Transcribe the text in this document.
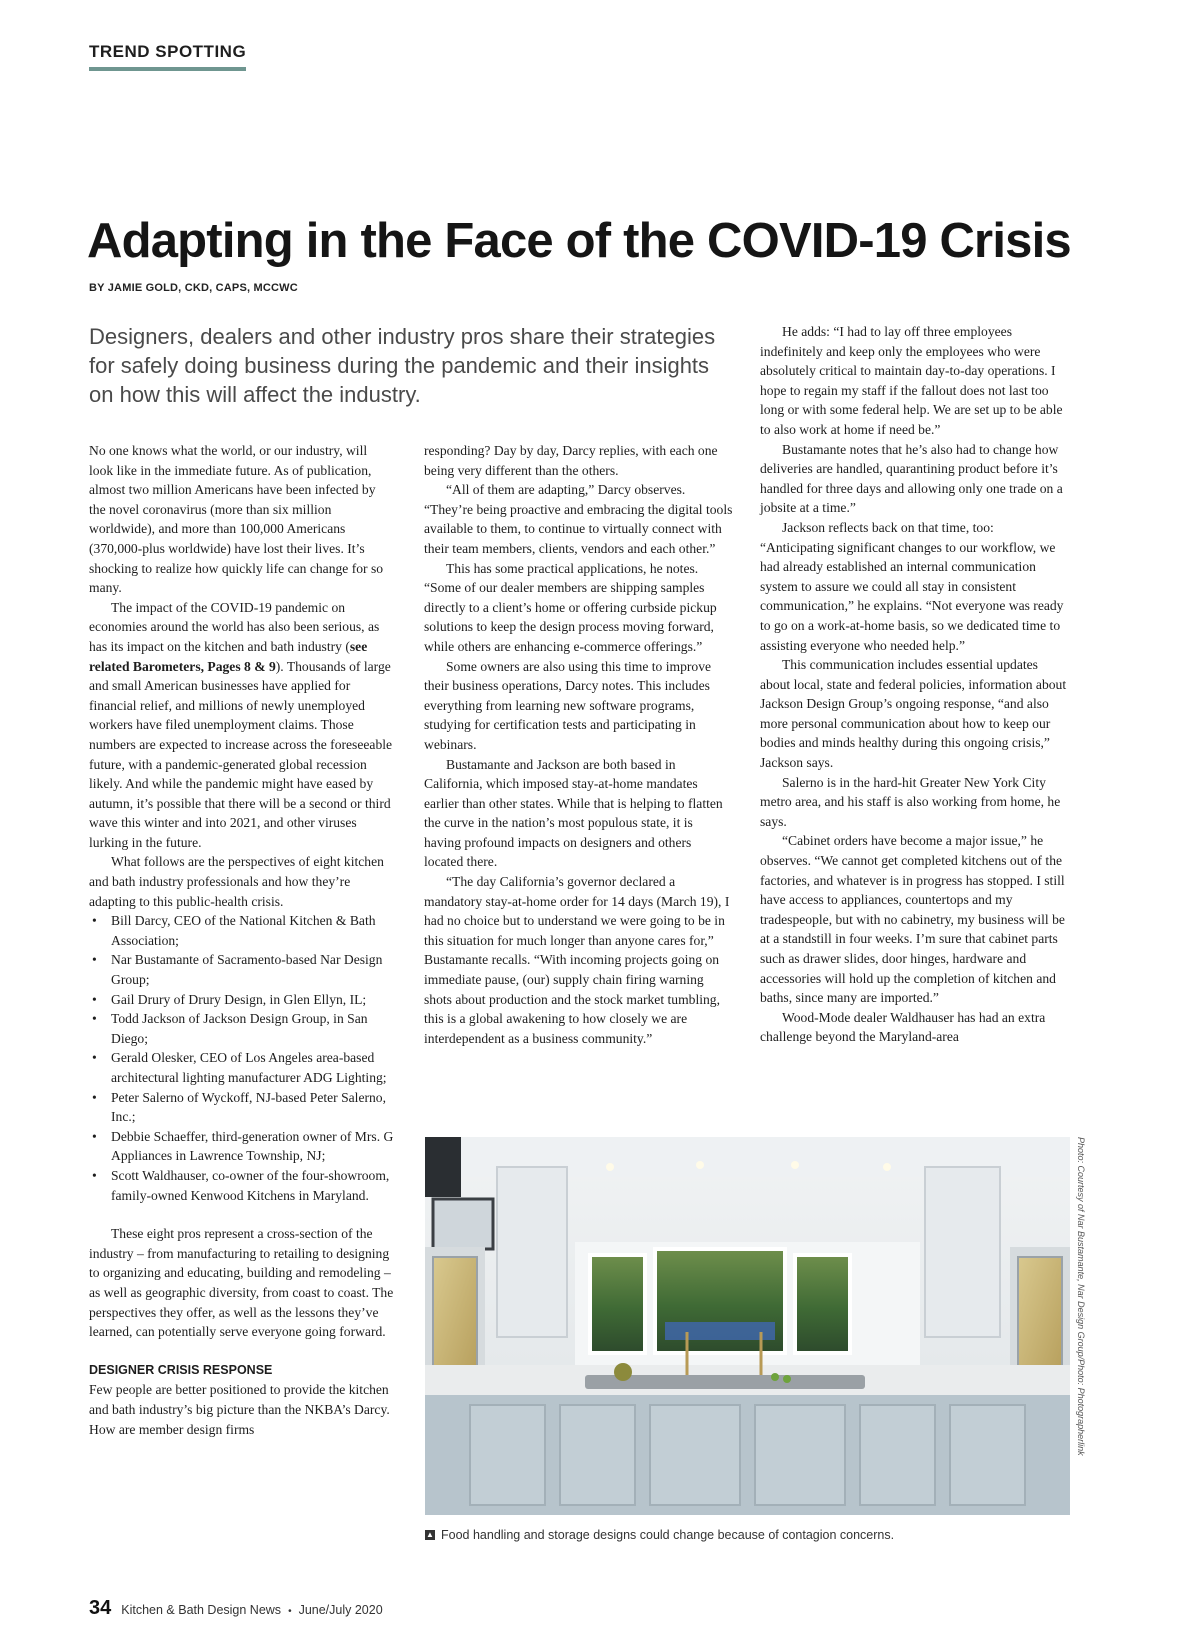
TREND SPOTTING
Adapting in the Face of the COVID-19 Crisis
BY JAMIE GOLD, CKD, CAPS, MCCWC
Designers, dealers and other industry pros share their strategies for safely doing business during the pandemic and their insights on how this will affect the industry.

No one knows what the world, or our industry, will look like in the immediate future. As of publication, almost two million Americans have been infected by the novel coronavirus (more than six million worldwide), and more than 100,000 Americans (370,000-plus worldwide) have lost their lives. It’s shocking to realize how quickly life can change for so many.

The impact of the COVID-19 pandemic on economies around the world has also been serious, as has its impact on the kitchen and bath industry (see related Barometers, Pages 8 & 9). Thousands of large and small American businesses have applied for financial relief, and millions of newly unemployed workers have filed unemployment claims. Those numbers are expected to increase across the foreseeable future, with a pandemic-generated global recession likely. And while the pandemic might have eased by autumn, it’s possible that there will be a second or third wave this winter and into 2021, and other viruses lurking in the future.

What follows are the perspectives of eight kitchen and bath industry professionals and how they’re adapting to this public-health crisis.

• Bill Darcy, CEO of the National Kitchen & Bath Association;
• Nar Bustamante of Sacramento-based Nar Design Group;
• Gail Drury of Drury Design, in Glen Ellyn, IL;
• Todd Jackson of Jackson Design Group, in San Diego;
• Gerald Olesker, CEO of Los Angeles area-based architectural lighting manufacturer ADG Lighting;
• Peter Salerno of Wyckoff, NJ-based Peter Salerno, Inc.;
• Debbie Schaeffer, third-generation owner of Mrs. G Appliances in Lawrence Township, NJ;
• Scott Waldhauser, co-owner of the four-showroom, family-owned Kenwood Kitchens in Maryland.

These eight pros represent a cross-section of the industry – from manufacturing to retailing to designing to organizing and educating, building and remodeling – as well as geographic diversity, from coast to coast. The perspectives they offer, as well as the lessons they’ve learned, can potentially serve everyone going forward.

DESIGNER CRISIS RESPONSE

Few people are better positioned to provide the kitchen and bath industry’s big picture than the NKBA’s Darcy. How are member design firms

responding? Day by day, Darcy replies, with each one being very different than the others.

“All of them are adapting,” Darcy observes. “They’re being proactive and embracing the digital tools available to them, to continue to virtually connect with their team members, clients, vendors and each other.”

This has some practical applications, he notes. “Some of our dealer members are shipping samples directly to a client’s home or offering curbside pickup solutions to keep the design process moving forward, while others are enhancing e-commerce offerings.”

Some owners are also using this time to improve their business operations, Darcy notes. This includes everything from learning new software programs, studying for certification tests and participating in webinars.

Bustamante and Jackson are both based in California, which imposed stay-at-home mandates earlier than other states. While that is helping to flatten the curve in the nation’s most populous state, it is having profound impacts on designers and others located there.

“The day California’s governor declared a mandatory stay-at-home order for 14 days (March 19), I had no choice but to understand we were going to be in this situation for much longer than anyone cares for,” Bustamante recalls. “With incoming projects going on immediate pause, (our) supply chain firing warning shots about production and the stock market tumbling, this is a global awakening to how closely we are interdependent as a business community.”

He adds: “I had to lay off three employees indefinitely and keep only the employees who were absolutely critical to maintain day-to-day operations. I hope to regain my staff if the fallout does not last too long or with some federal help. We are set up to be able to also work at home if need be.”

Bustamante notes that he’s also had to change how deliveries are handled, quarantining product before it’s handled for three days and allowing only one trade on a jobsite at a time.”

Jackson reflects back on that time, too: “Anticipating significant changes to our workflow, we had already established an internal communication system to assure we could all stay in consistent communication,” he explains. “Not everyone was ready to go on a work-at-home basis, so we dedicated time to assisting everyone who needed help.”

This communication includes essential updates about local, state and federal policies, information about Jackson Design Group’s ongoing response, “and also more personal communication about how to keep our bodies and minds healthy during this ongoing crisis,” Jackson says.

Salerno is in the hard-hit Greater New York City metro area, and his staff is also working from home, he says.

“Cabinet orders have become a major issue,” he observes. “We cannot get completed kitchens out of the factories, and whatever is in progress has stopped. I still have access to appliances, countertops and my tradespeople, but with no cabinetry, my business will be at a standstill in four weeks. I’m sure that cabinet parts such as drawer slides, door hinges, hardware and accessories will hold up the completion of kitchen and baths, since many are imported.”

Wood-Mode dealer Waldhauser has had an extra challenge beyond the Maryland-area

Photo: Courtesy of Nar Bustamante, Nar Design Group/Photo: Photographerlink
▲ Food handling and storage designs could change because of contagion concerns.
34 Kitchen & Bath Design News • June/July 2020
